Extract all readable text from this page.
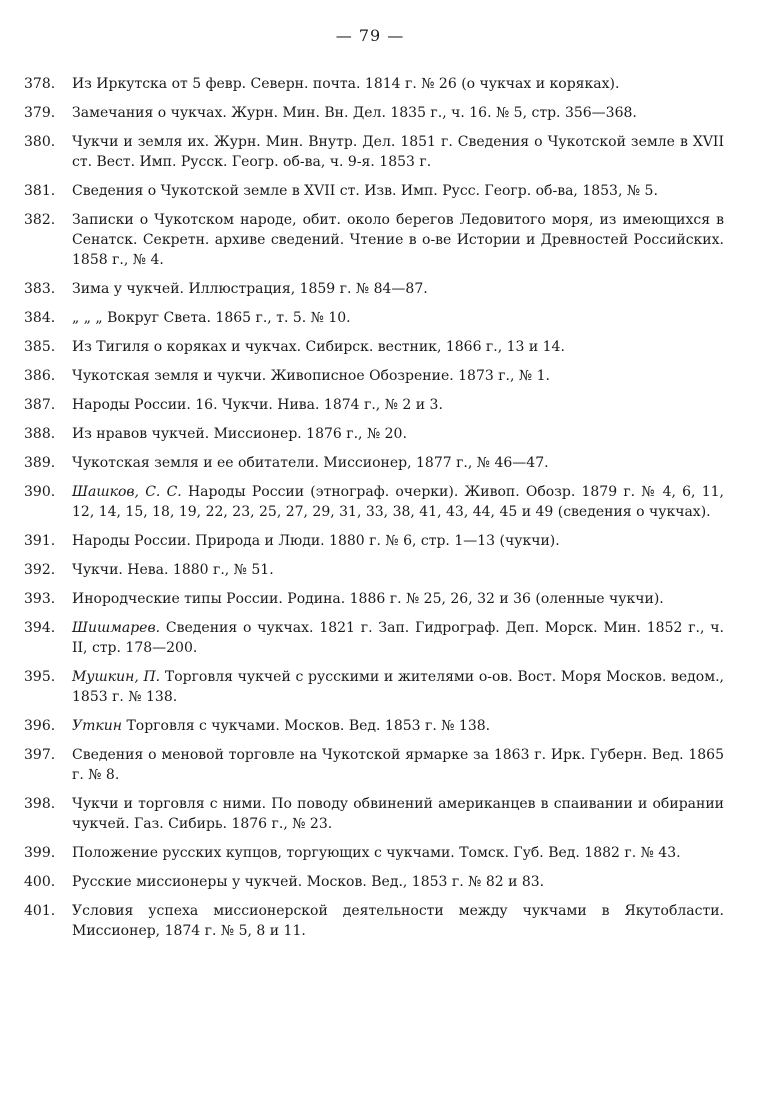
— 79 —
378.	Из Иркутска от 5 февр. Северн. почта. 1814 г. № 26 (о чукчах и коряках).
379.	Замечания о чукчах. Журн. Мин. Вн. Дел. 1835 г., ч. 16. № 5, стр. 356—368.
380.	Чукчи и земля их. Журн. Мин. Внутр. Дел. 1851 г. Сведения о Чукотской земле в XVII ст. Вест. Имп. Русск. Геогр. об-ва, ч. 9-я. 1853 г.
381.	Сведения о Чукотской земле в XVII ст. Изв. Имп. Русс. Геогр. об-ва, 1853, № 5.
382.	Записки о Чукотском народе, обит. около берегов Ледовитого моря, из имеющихся в Сенатск. Секретн. архиве сведений. Чтение в о-ве Истории и Древностей Российских. 1858 г., № 4.
383.	Зима у чукчей. Иллюстрация, 1859 г. № 84—87.
384.	„ „ „ Вокруг Света. 1865 г., т. 5. № 10.
385.	Из Тигиля о коряках и чукчах. Сибирск. вестник, 1866 г., 13 и 14.
386.	Чукотская земля и чукчи. Живописное Обозрение. 1873 г., № 1.
387.	Народы России. 16. Чукчи. Нива. 1874 г., № 2 и 3.
388.	Из нравов чукчей. Миссионер. 1876 г., № 20.
389.	Чукотская земля и ее обитатели. Миссионер, 1877 г., № 46—47.
390.	Шашков, С. С. Народы России (этнограф. очерки). Живоп. Обозр. 1879 г. № 4, 6, 11, 12, 14, 15, 18, 19, 22, 23, 25, 27, 29, 31, 33, 38, 41, 43, 44, 45 и 49 (сведения о чукчах).
391.	Народы России. Природа и Люди. 1880 г. № 6, стр. 1—13 (чукчи).
392.	Чукчи. Нева. 1880 г., № 51.
393.	Инородческие типы России. Родина. 1886 г. № 25, 26, 32 и 36 (оленные чукчи).
394.	Шишмарев. Сведения о чукчах. 1821 г. Зап. Гидрограф. Деп. Морск. Мин. 1852 г., ч. II, стр. 178—200.
395.	Мушкин, П. Торговля чукчей с русскими и жителями о-ов. Вост. Моря Москов. ведом., 1853 г. № 138.
396.	Уткин Торговля с чукчами. Москов. Вед. 1853 г. № 138.
397.	Сведения о меновой торговле на Чукотской ярмарке за 1863 г. Ирк. Губерн. Вед. 1865 г. № 8.
398.	Чукчи и торговля с ними. По поводу обвинений американцев в спаивании и обирании чукчей. Газ. Сибирь. 1876 г., № 23.
399.	Положение русских купцов, торгующих с чукчами. Томск. Губ. Вед. 1882 г. № 43.
400.	Русские миссионеры у чукчей. Москов. Вед., 1853 г. № 82 и 83.
401.	Условия успеха миссионерской деятельности между чукчами в Якутобласти. Миссионер, 1874 г. № 5, 8 и 11.
